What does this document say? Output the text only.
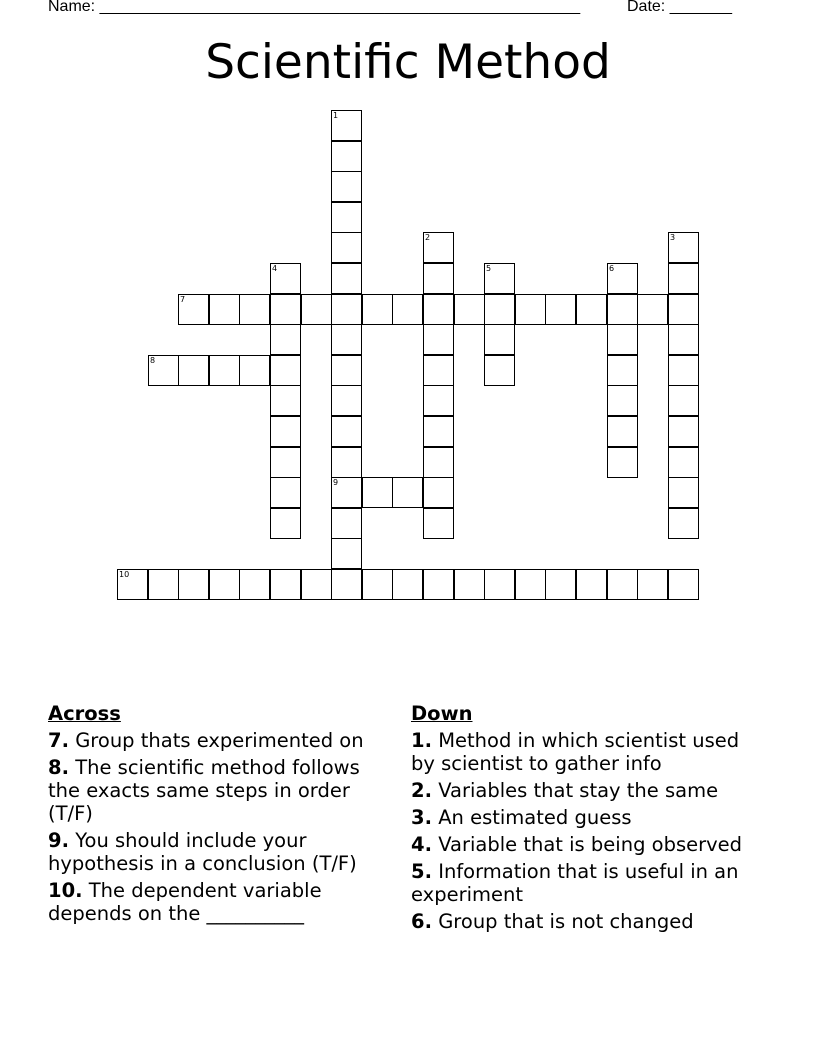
Name: ______________________________________________________	Date: _______
Scientific Method
1
9
2	3
4	5	6
7
8
10
Across
7. Group thats experimented on
8. The scientific method follows the exacts same steps in order (T/F)
9. You should include your hypothesis in a conclusion (T/F)
10. The dependent variable depends on the __________
Down
1. Method in which scientist used by scientist to gather info
2. Variables that stay the same
3. An estimated guess
4. Variable that is being observed
5. Information that is useful in an experiment
6. Group that is not changed
